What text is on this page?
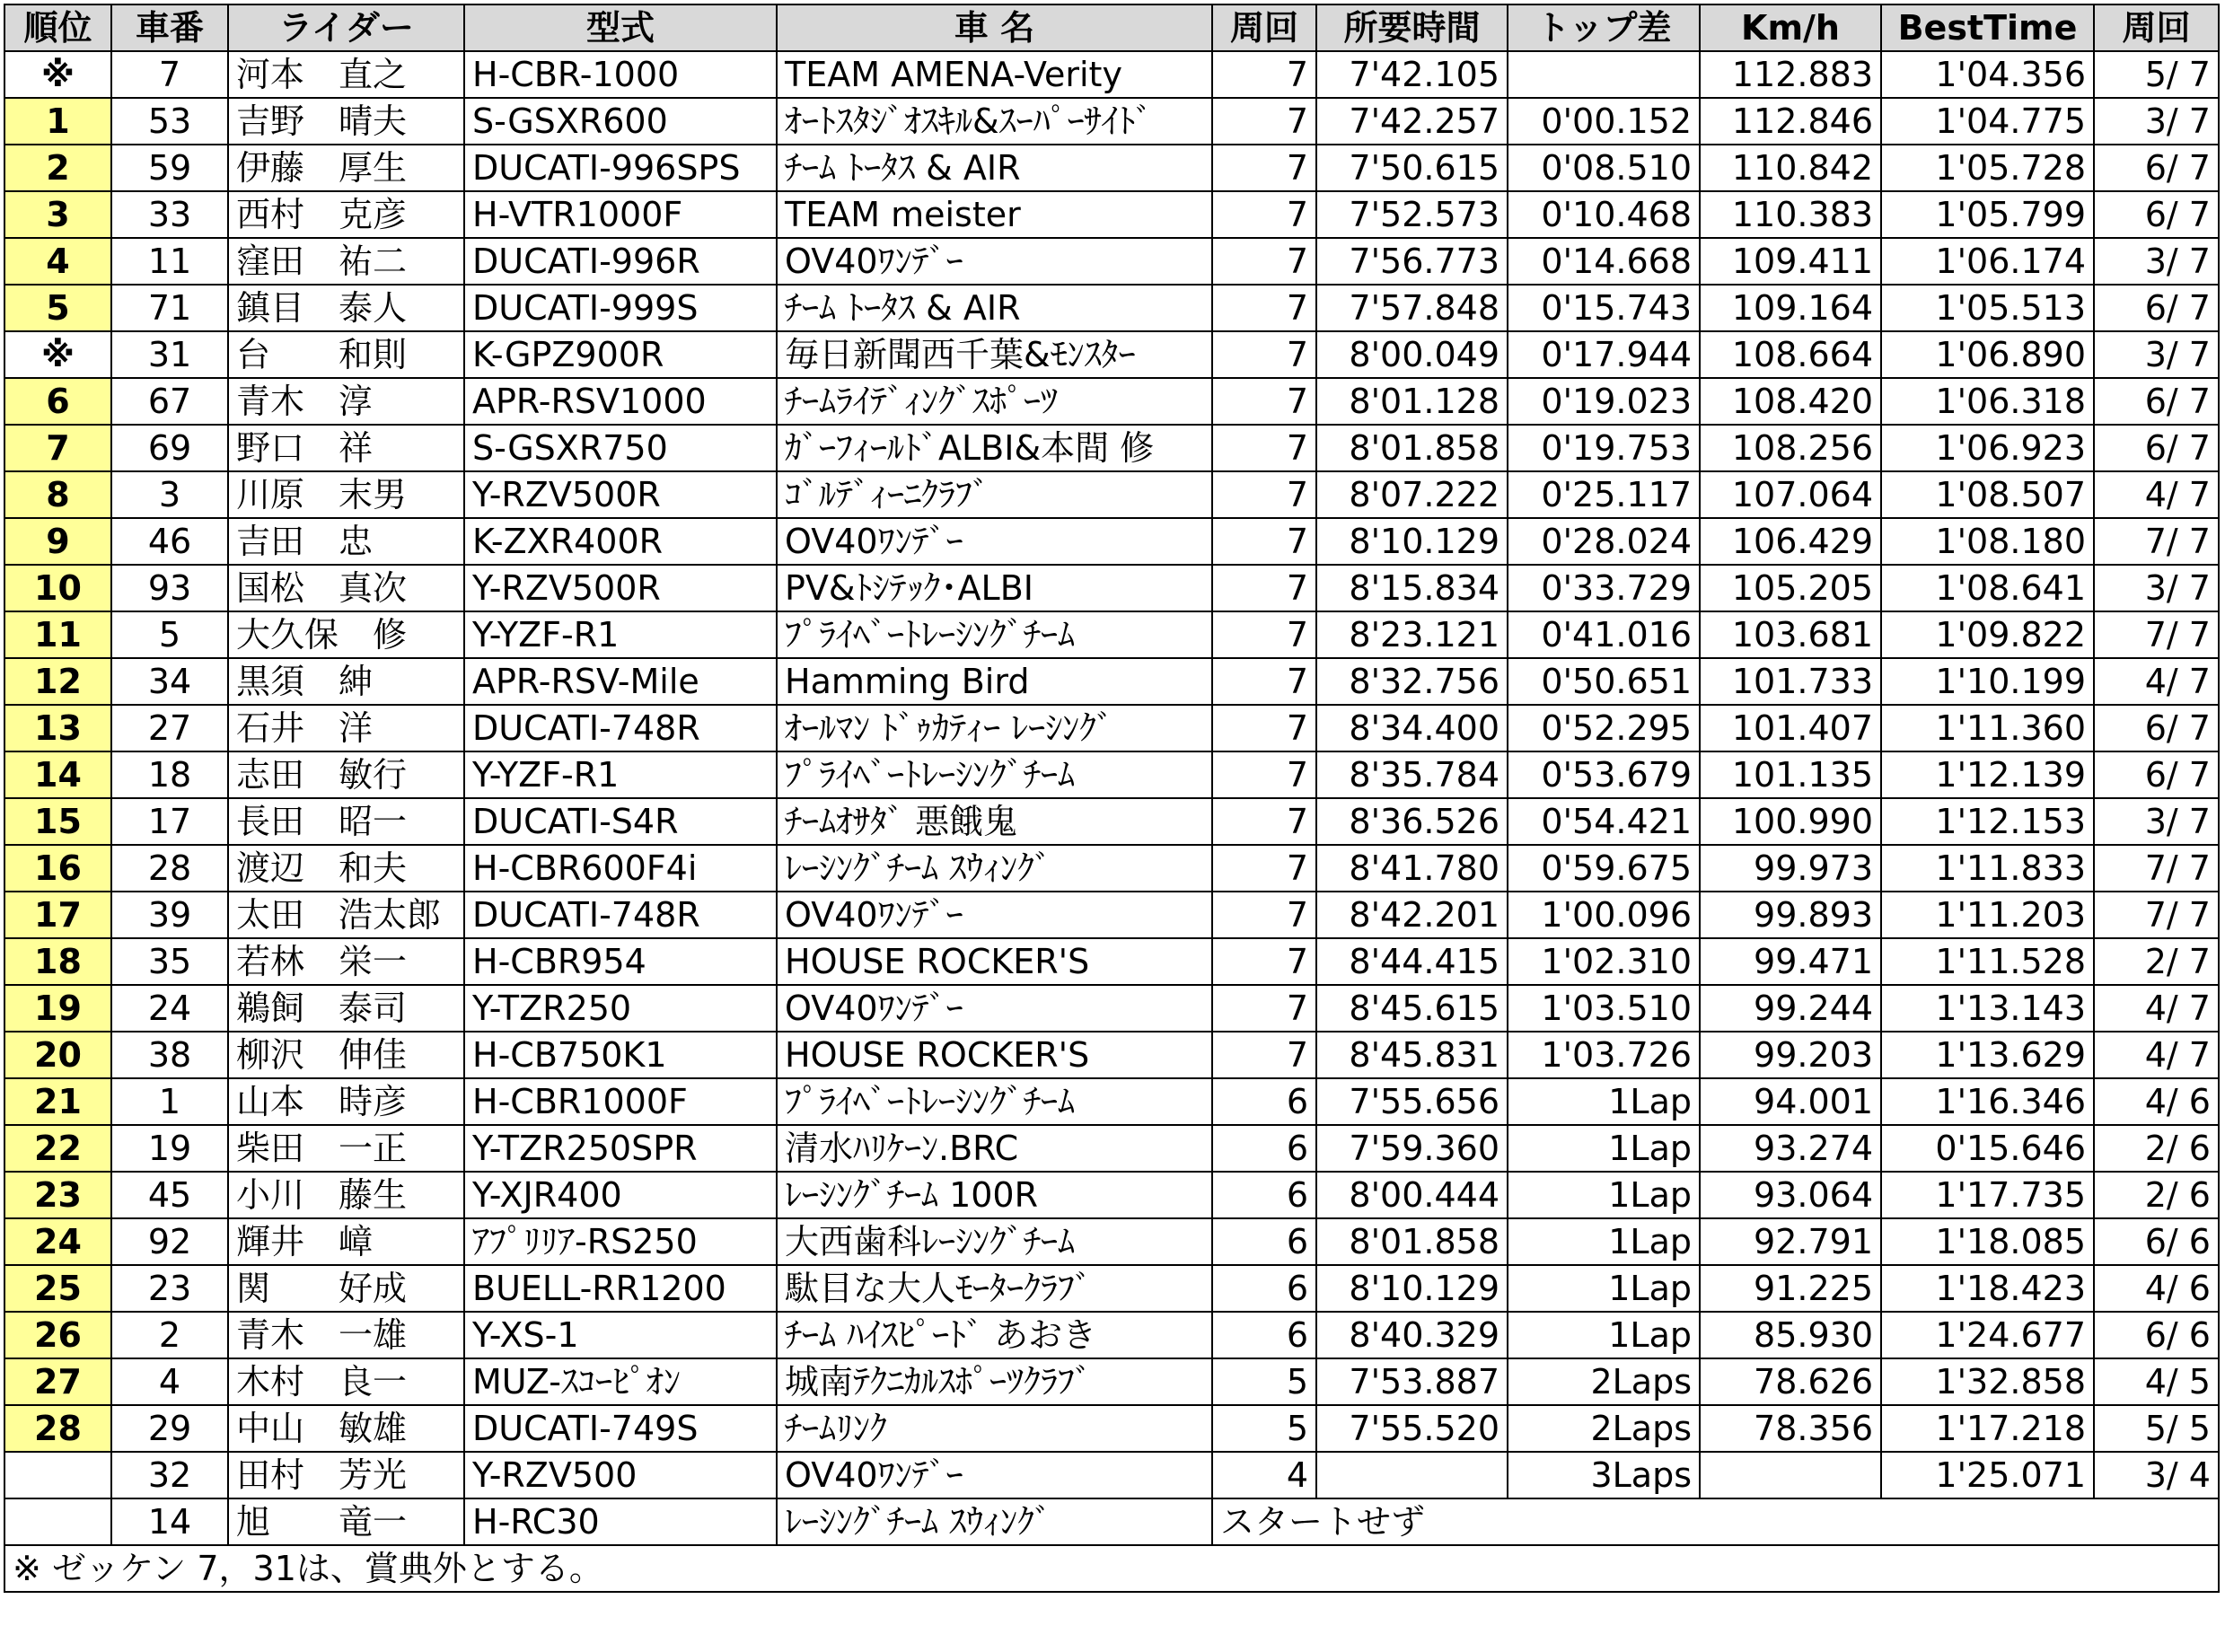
順位	車番	ライダー	型式	車 名	周回	所要時間	トップ差	Km/h	BestTime	周回
※	7	河本　直之	H-CBR-1000	TEAM AMENA-Verity	7	7'42.105		112.883	1'04.356	5/ 7
1	53	吉野　晴夫	S-GSXR600	ｵｰﾄｽﾀｼﾞｵｽｷﾙ&ｽｰﾊﾟｰｻｲﾄﾞ	7	7'42.257	0'00.152	112.846	1'04.775	3/ 7
2	59	伊藤　厚生	DUCATI-996SPS	ﾁｰﾑ ﾄｰﾀｽ & AIR	7	7'50.615	0'08.510	110.842	1'05.728	6/ 7
3	33	西村　克彦	H-VTR1000F	TEAM meister	7	7'52.573	0'10.468	110.383	1'05.799	6/ 7
4	11	窪田　祐二	DUCATI-996R	OV40ﾜﾝﾃﾞｰ	7	7'56.773	0'14.668	109.411	1'06.174	3/ 7
5	71	鎮目　泰人	DUCATI-999S	ﾁｰﾑ ﾄｰﾀｽ & AIR	7	7'57.848	0'15.743	109.164	1'05.513	6/ 7
※	31	台　　和則	K-GPZ900R	毎日新聞西千葉&ﾓﾝｽﾀｰ	7	8'00.049	0'17.944	108.664	1'06.890	3/ 7
6	67	青木　淳	APR-RSV1000	ﾁｰﾑﾗｲﾃﾞｨﾝｸﾞｽﾎﾟｰﾂ	7	8'01.128	0'19.023	108.420	1'06.318	6/ 7
7	69	野口　祥	S-GSXR750	ｶﾞｰﾌｨｰﾙﾄﾞALBI&本間 修	7	8'01.858	0'19.753	108.256	1'06.923	6/ 7
8	3	川原　末男	Y-RZV500R	ｺﾞﾙﾃﾞｨｰﾆｸﾗﾌﾞ	7	8'07.222	0'25.117	107.064	1'08.507	4/ 7
9	46	吉田　忠	K-ZXR400R	OV40ﾜﾝﾃﾞｰ	7	8'10.129	0'28.024	106.429	1'08.180	7/ 7
10	93	国松　真次	Y-RZV500R	PV&ﾄｼﾃｯｸ･ALBI	7	8'15.834	0'33.729	105.205	1'08.641	3/ 7
11	5	大久保　修	Y-YZF-R1	ﾌﾟﾗｲﾍﾞｰﾄﾚｰｼﾝｸﾞﾁｰﾑ	7	8'23.121	0'41.016	103.681	1'09.822	7/ 7
12	34	黒須　紳	APR-RSV-Mile	Hamming Bird	7	8'32.756	0'50.651	101.733	1'10.199	4/ 7
13	27	石井　洋	DUCATI-748R	ｵｰﾙﾏﾝ ﾄﾞｩｶﾃｨｰ ﾚｰｼﾝｸﾞ	7	8'34.400	0'52.295	101.407	1'11.360	6/ 7
14	18	志田　敏行	Y-YZF-R1	ﾌﾟﾗｲﾍﾞｰﾄﾚｰｼﾝｸﾞﾁｰﾑ	7	8'35.784	0'53.679	101.135	1'12.139	6/ 7
15	17	長田　昭一	DUCATI-S4R	ﾁｰﾑｵｻﾀﾞ 悪餓鬼	7	8'36.526	0'54.421	100.990	1'12.153	3/ 7
16	28	渡辺　和夫	H-CBR600F4i	ﾚｰｼﾝｸﾞﾁｰﾑ ｽｳｨﾝｸﾞ	7	8'41.780	0'59.675	99.973	1'11.833	7/ 7
17	39	太田　浩太郎	DUCATI-748R	OV40ﾜﾝﾃﾞｰ	7	8'42.201	1'00.096	99.893	1'11.203	7/ 7
18	35	若林　栄一	H-CBR954	HOUSE ROCKER'S	7	8'44.415	1'02.310	99.471	1'11.528	2/ 7
19	24	鵜飼　泰司	Y-TZR250	OV40ﾜﾝﾃﾞｰ	7	8'45.615	1'03.510	99.244	1'13.143	4/ 7
20	38	柳沢　伸佳	H-CB750K1	HOUSE ROCKER'S	7	8'45.831	1'03.726	99.203	1'13.629	4/ 7
21	1	山本　時彦	H-CBR1000F	ﾌﾟﾗｲﾍﾞｰﾄﾚｰｼﾝｸﾞﾁｰﾑ	6	7'55.656	1Lap	94.001	1'16.346	4/ 6
22	19	柴田　一正	Y-TZR250SPR	清水ﾊﾘｹｰﾝ.BRC	6	7'59.360	1Lap	93.274	0'15.646	2/ 6
23	45	小川　藤生	Y-XJR400	ﾚｰｼﾝｸﾞﾁｰﾑ 100R	6	8'00.444	1Lap	93.064	1'17.735	2/ 6
24	92	輝井　嶂	ｱﾌﾟﾘﾘｱ-RS250	大西歯科ﾚｰｼﾝｸﾞﾁｰﾑ	6	8'01.858	1Lap	92.791	1'18.085	6/ 6
25	23	関　　好成	BUELL-RR1200	駄目な大人ﾓｰﾀｰｸﾗﾌﾞ	6	8'10.129	1Lap	91.225	1'18.423	4/ 6
26	2	青木　一雄	Y-XS-1	ﾁｰﾑ ﾊｲｽﾋﾟｰﾄﾞ あおき	6	8'40.329	1Lap	85.930	1'24.677	6/ 6
27	4	木村　良一	MUZ-ｽｺｰﾋﾟｵﾝ	城南ﾃｸﾆｶﾙｽﾎﾟｰﾂｸﾗﾌﾞ	5	7'53.887	2Laps	78.626	1'32.858	4/ 5
28	29	中山　敏雄	DUCATI-749S	ﾁｰﾑﾘﾝｸ	5	7'55.520	2Laps	78.356	1'17.218	5/ 5
	32	田村　芳光	Y-RZV500	OV40ﾜﾝﾃﾞｰ	4		3Laps		1'25.071	3/ 4
	14	旭　　竜一	H-RC30	ﾚｰｼﾝｸﾞﾁｰﾑ ｽｳｨﾝｸﾞ	スタートせず					
※ ゼッケン 7，31は、賞典外とする。										
